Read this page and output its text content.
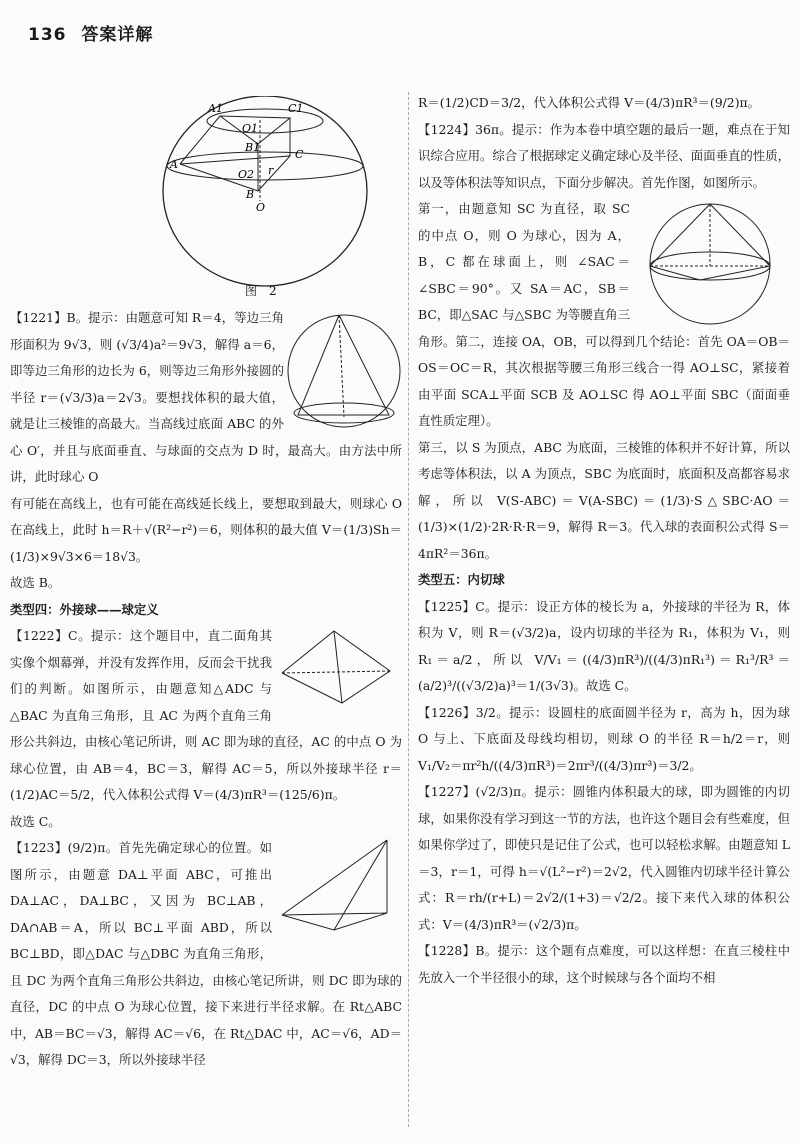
136 答案详解
A1	C1
O1
B1
A
C
O2
B
O
r
图　2

【1221】B。提示：由题意可知 R＝4，等边三角形面积为 9√3，则 (√3/4)a²＝9√3，解得 a＝6，即等边三角形的边长为 6，则等边三角形外接圆的半径 r＝(√3/3)a＝2√3。要想找体积的最大值，就是让三棱锥的高最大。当高线过底面 ABC 的外心 O′，并且与底面垂直、与球面的交点为 D 时，最高大。由方法中所讲，此时球心 O

有可能在高线上，也有可能在高线延长线上，要想取到最大，则球心 O 在高线上，此时 h＝R＋√(R²−r²)＝6，则体积的最大值 V＝(1/3)Sh＝(1/3)×9√3×6＝18√3。

故选 B。

类型四：外接球——球定义

【1222】C。提示：这个题目中，直二面角其实像个烟幕弹，并没有发挥作用，反而会干扰我们的判断。如图所示，由题意知△ADC 与△BAC 为直角三角形，且 AC 为两个直角三角形公共斜边，由核心笔记所讲，则 AC 即为球的直径，AC 的中点 O 为球心位置，由 AB＝4，BC＝3，解得 AC＝5，所以外接球半径 r＝(1/2)AC＝5/2，代入体积公式得 V＝(4/3)πR³＝(125/6)π。

故选 C。

【1223】(9/2)π。首先先确定球心的位置。如图所示，由题意 DA⊥平面 ABC，可推出 DA⊥AC，DA⊥BC，又因为 BC⊥AB，DA∩AB＝A，所以 BC⊥平面 ABD，所以 BC⊥BD，即△DAC 与△DBC 为直角三角形，且 DC 为两个直角三角形公共斜边，由核心笔记所讲，则 DC 即为球的直径，DC 的中点 O 为球心位置，接下来进行半径求解。在 Rt△ABC 中，AB＝BC＝√3，解得 AC＝√6，在 Rt△DAC 中，AC＝√6，AD＝√3，解得 DC＝3，所以外接球半径

R＝(1/2)CD＝3/2，代入体积公式得 V＝(4/3)πR³＝(9/2)π。

【1224】36π。提示：作为本卷中填空题的最后一题，难点在于知识综合应用。综合了根据球定义确定球心及半径、面面垂直的性质，以及等体积法等知识点，下面分步解决。首先作图，如图所示。

第一，由题意知 SC 为直径，取 SC 的中点 O，则 O 为球心，因为 A，B，C 都在球面上，则 ∠SAC＝∠SBC＝90°。又 SA＝AC，SB＝BC，即△SAC 与△SBC 为等腰直角三角形。第二，连接 OA，OB，可以得到几个结论：首先 OA＝OB＝OS＝OC＝R，其次根据等腰三角形三线合一得 AO⊥SC，紧接着由平面 SCA⊥平面 SCB 及 AO⊥SC 得 AO⊥平面 SBC（面面垂直性质定理）。

第三，以 S 为顶点，ABC 为底面，三棱锥的体积并不好计算，所以考虑等体积法，以 A 为顶点，SBC 为底面时，底面积及高都容易求解，所以 V(S-ABC)＝V(A-SBC)＝(1/3)·S△SBC·AO＝(1/3)×(1/2)·2R·R·R＝9，解得 R＝3。代入球的表面积公式得 S＝4πR²＝36π。

类型五：内切球

【1225】C。提示：设正方体的棱长为 a，外接球的半径为 R，体积为 V，则 R＝(√3/2)a，设内切球的半径为 R₁，体积为 V₁，则 R₁＝a/2，所以 V/V₁＝((4/3)πR³)/((4/3)πR₁³)＝R₁³/R³＝(a/2)³/((√3/2)a)³＝1/(3√3)。故选 C。

【1226】3/2。提示：设圆柱的底面圆半径为 r，高为 h，因为球 O 与上、下底面及母线均相切，则球 O 的半径 R＝h/2＝r，则 V₁/V₂＝πr²h/((4/3)πR³)＝2πr³/((4/3)πr³)＝3/2。

【1227】(√2/3)π。提示：圆锥内体积最大的球，即为圆锥的内切球，如果你没有学习到这一节的方法，也许这个题目会有些难度，但如果你学过了，即使只是记住了公式，也可以轻松求解。由题意知 L＝3，r＝1，可得 h＝√(L²−r²)＝2√2，代入圆锥内切球半径计算公式：R＝rh/(r+L)＝2√2/(1+3)＝√2/2。接下来代入球的体积公式：V＝(4/3)πR³＝(√2/3)π。

【1228】B。提示：这个题有点难度，可以这样想：在直三棱柱中先放入一个半径很小的球，这个时候球与各个面均不相
